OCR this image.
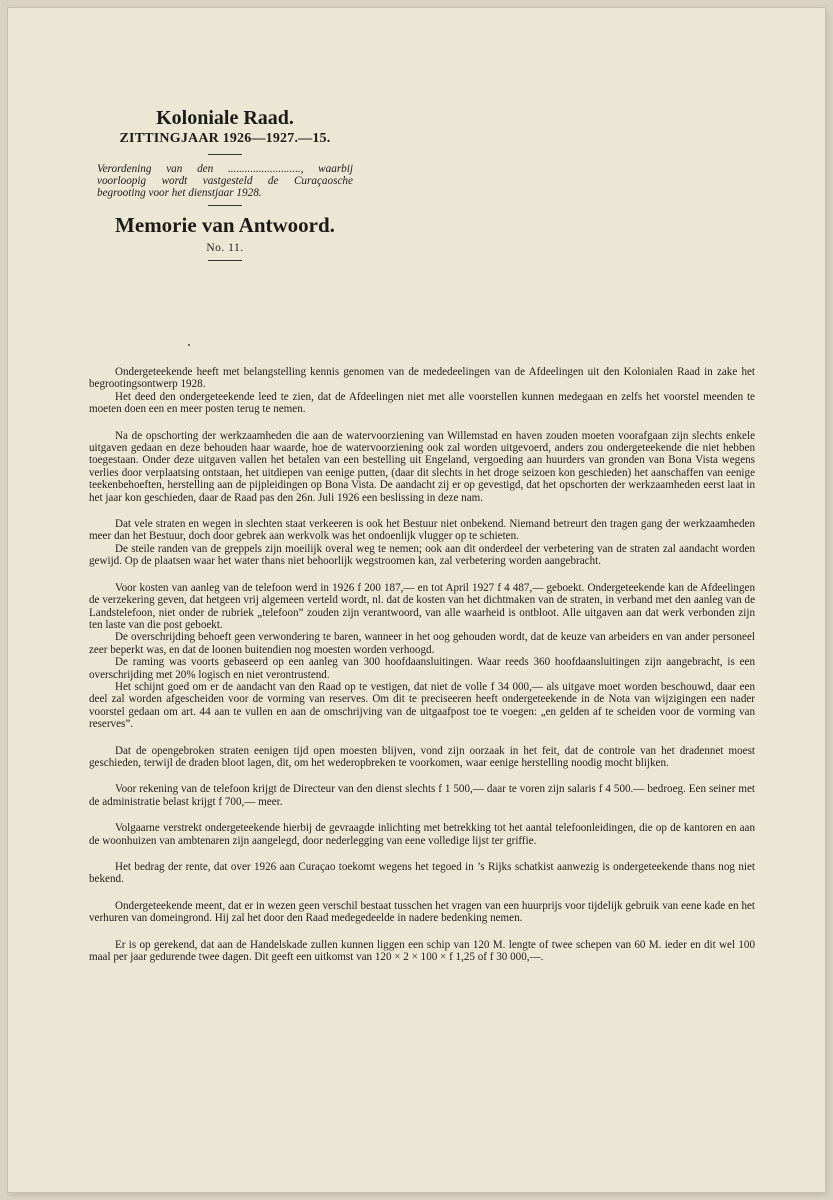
Koloniale Raad.
ZITTINGJAAR 1926—1927.—15.
Verordening van den .........................., waarbij voorloopig wordt vastgesteld de Curaçaosche begrooting voor het dienstjaar 1928.
Memorie van Antwoord.
No. 11.

Ondergeteekende heeft met belangstelling kennis genomen van de mededeelingen van de Afdeelingen uit den Kolonialen Raad in zake het begrootingsontwerp 1928.

Het deed den ondergeteekende leed te zien, dat de Afdeelingen niet met alle voorstellen kunnen medegaan en zelfs het voorstel meenden te moeten doen een en meer posten terug te nemen.

Na de opschorting der werkzaamheden die aan de watervoorziening van Willemstad en haven zouden moeten voorafgaan zijn slechts enkele uitgaven gedaan en deze behouden haar waarde, hoe de watervoorziening ook zal worden uitgevoerd, anders zou ondergeteekende die niet hebben toegestaan. Onder deze uitgaven vallen het betalen van een bestelling uit Engeland, vergoeding aan huurders van gronden van Bona Vista wegens verlies door verplaatsing ontstaan, het uitdiepen van eenige putten, (daar dit slechts in het droge seizoen kon geschieden) het aanschaffen van eenige teekenbehoeften, herstelling aan de pijpleidingen op Bona Vista. De aandacht zij er op gevestigd, dat het opschorten der werkzaamheden eerst laat in het jaar kon geschieden, daar de Raad pas den 26n. Juli 1926 een beslissing in deze nam.

Dat vele straten en wegen in slechten staat verkeeren is ook het Bestuur niet onbekend. Niemand betreurt den tragen gang der werkzaamheden meer dan het Bestuur, doch door gebrek aan werkvolk was het ondoenlijk vlugger op te schieten.

De steile randen van de greppels zijn moeilijk overal weg te nemen; ook aan dit onderdeel der verbetering van de straten zal aandacht worden gewijd. Op de plaatsen waar het water thans niet behoorlijk wegstroomen kan, zal verbetering worden aangebracht.

Voor kosten van aanleg van de telefoon werd in 1926 f 200 187,— en tot April 1927 f 4 487,— geboekt. Ondergeteekende kan de Afdeelingen de verzekering geven, dat hetgeen vrij algemeen verteld wordt, nl. dat de kosten van het dichtmaken van de straten, in verband met den aanleg van de Landstelefoon, niet onder de rubriek „telefoon” zouden zijn verantwoord, van alle waarheid is ontbloot. Alle uitgaven aan dat werk verbonden zijn ten laste van die post geboekt.

De overschrijding behoeft geen verwondering te baren, wanneer in het oog gehouden wordt, dat de keuze van arbeiders en van ander personeel zeer beperkt was, en dat de loonen buitendien nog moesten worden verhoogd.

De raming was voorts gebaseerd op een aanleg van 300 hoofdaansluitingen. Waar reeds 360 hoofdaansluitingen zijn aangebracht, is een overschrijding met 20% logisch en niet verontrustend.

Het schijnt goed om er de aandacht van den Raad op te vestigen, dat niet de volle f 34 000,— als uitgave moet worden beschouwd, daar een deel zal worden afgescheiden voor de vorming van reserves. Om dit te preciseeren heeft ondergeteekende in de Nota van wijzigingen een nader voorstel gedaan om art. 44 aan te vullen en aan de omschrijving van de uitgaafpost toe te voegen: „en gelden af te scheiden voor de vorming van reserves”.

Dat de opengebroken straten eenigen tijd open moesten blijven, vond zijn oorzaak in het feit, dat de controle van het dradennet moest geschieden, terwijl de draden bloot lagen, dit, om het wederopbreken te voorkomen, waar eenige herstelling noodig mocht blijken.

Voor rekening van de telefoon krijgt de Directeur van den dienst slechts f 1 500,— daar te voren zijn salaris f 4 500.— bedroeg. Een seiner met de administratie belast krijgt f 700,— meer.

Volgaarne verstrekt ondergeteekende hierbij de gevraagde inlichting met betrekking tot het aantal telefoonleidingen, die op de kantoren en aan de woonhuizen van ambtenaren zijn aangelegd, door nederlegging van eene volledige lijst ter griffie.

Het bedrag der rente, dat over 1926 aan Curaçao toekomt wegens het tegoed in ’s Rijks schatkist aanwezig is ondergeteekende thans nog niet bekend.

Ondergeteekende meent, dat er in wezen geen verschil bestaat tusschen het vragen van een huurprijs voor tijdelijk gebruik van eene kade en het verhuren van domeingrond. Hij zal het door den Raad medegedeelde in nadere bedenking nemen.

Er is op gerekend, dat aan de Handelskade zullen kunnen liggen een schip van 120 M. lengte of twee schepen van 60 M. ieder en dit wel 100 maal per jaar gedurende twee dagen. Dit geeft een uitkomst van 120 × 2 × 100 × f 1,25 of f 30 000,—.
